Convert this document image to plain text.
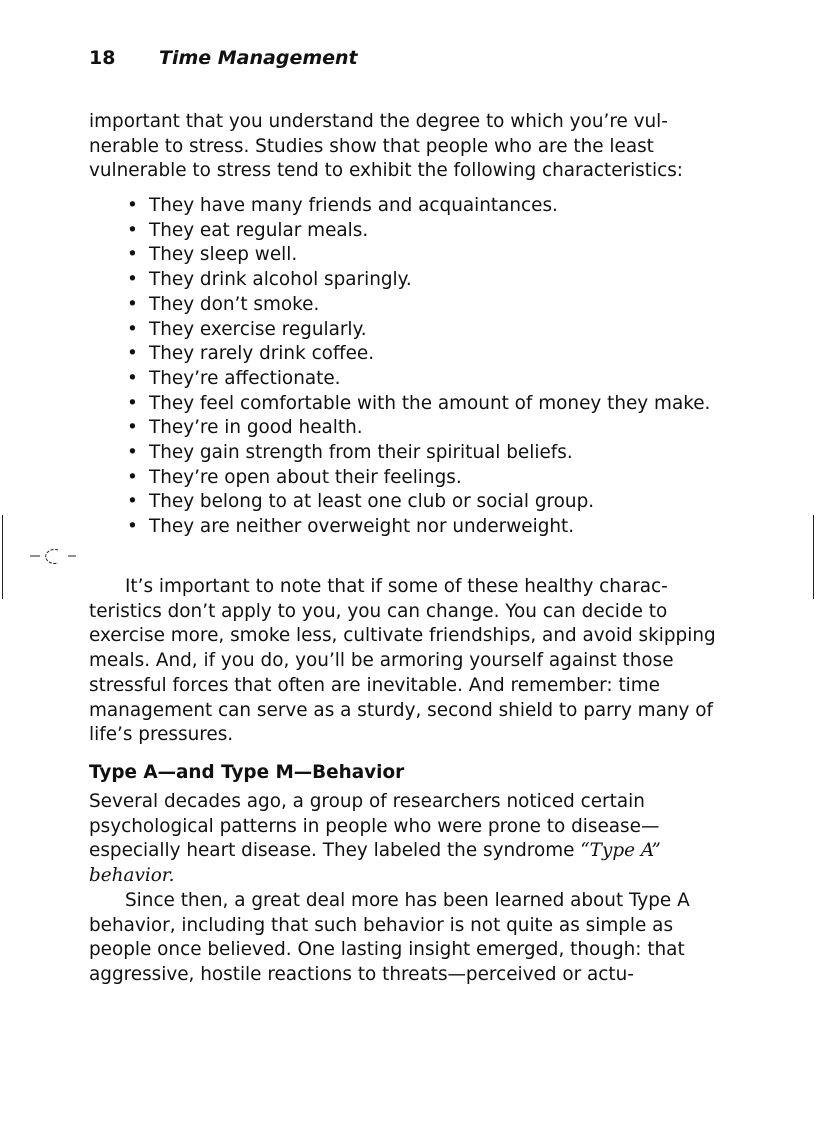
18 Time Management

important that you understand the degree to which you’re vul-nerable to stress. Studies show that people who are the least vulnerable to stress tend to exhibit the following characteristics:

• They have many friends and acquaintances.
• They eat regular meals.
• They sleep well.
• They drink alcohol sparingly.
• They don’t smoke.
• They exercise regularly.
• They rarely drink coffee.
• They’re affectionate.
• They feel comfortable with the amount of money they make.
• They’re in good health.
• They gain strength from their spiritual beliefs.
• They’re open about their feelings.
• They belong to at least one club or social group.
• They are neither overweight nor underweight.

It’s important to note that if some of these healthy charac-teristics don’t apply to you, you can change. You can decide to exercise more, smoke less, cultivate friendships, and avoid skipping meals. And, if you do, you’ll be armoring yourself against those stressful forces that often are inevitable. And remember: time management can serve as a sturdy, second shield to parry many of life’s pressures.

Type A—and Type M—Behavior

Several decades ago, a group of researchers noticed certain psychological patterns in people who were prone to disease—especially heart disease. They labeled the syndrome “Type A” behavior.

Since then, a great deal more has been learned about Type A behavior, including that such behavior is not quite as simple as people once believed. One lasting insight emerged, though: that aggressive, hostile reactions to threats—perceived or actu-
